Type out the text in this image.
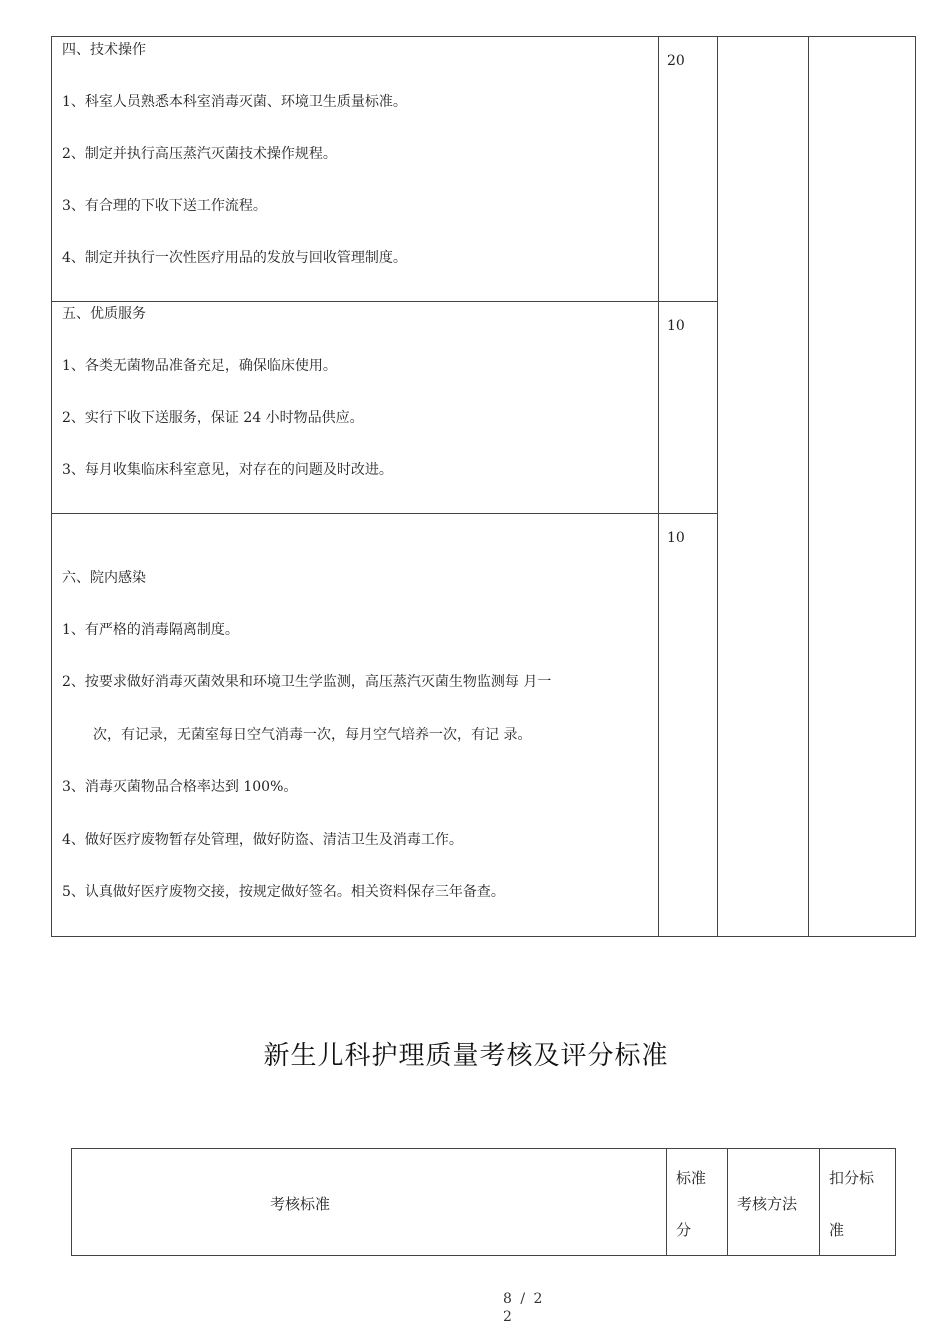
四、技术操作
20
1、科室人员熟悉本科室消毒灭菌、环境卫生质量标准。
2、制定并执行高压蒸汽灭菌技术操作规程。
3、有合理的下收下送工作流程。
4、制定并执行一次性医疗用品的发放与回收管理制度。
五、优质服务
10
1、各类无菌物品准备充足，确保临床使用。
2、实行下收下送服务，保证 24 小时物品供应。
3、每月收集临床科室意见，对存在的问题及时改进。
10
六、院内感染
1、有严格的消毒隔离制度。
2、按要求做好消毒灭菌效果和环境卫生学监测，高压蒸汽灭菌生物监测每 月一
次，有记录，无菌室每日空气消毒一次，每月空气培养一次，有记 录。
3、消毒灭菌物品合格率达到 100%。
4、做好医疗废物暂存处管理，做好防盗、清洁卫生及消毒工作。
5、认真做好医疗废物交接，按规定做好签名。相关资料保存三年备查。
新生儿科护理质量考核及评分标准
考核标准
标准
分
考核方法
扣分标
准
8 / 2
2
